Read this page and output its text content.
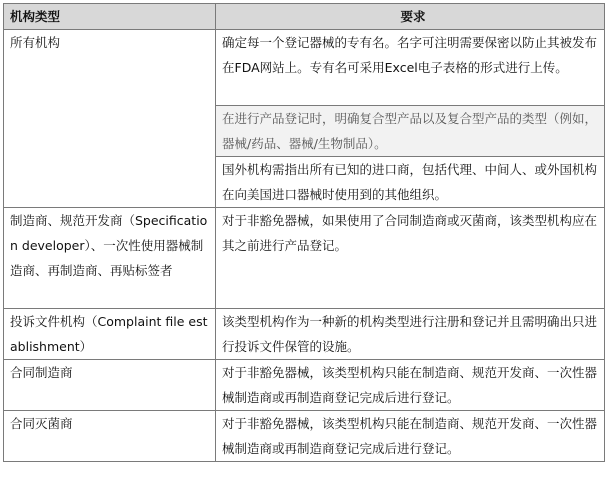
机构类型	要求
所有机构	确定每一个登记器械的专有名。名字可注明需要保密以防止其被发布在FDA网站上。专有名可采用Excel电子表格的形式进行上传。
	在进行产品登记时，明确复合型产品以及复合型产品的类型（例如，器械/药品、器械/生物制品）。
	国外机构需指出所有已知的进口商，包括代理、中间人、或外国机构在向美国进口器械时使用到的其他组织。
制造商、规范开发商（Specification developer）、一次性使用器械制造商、再制造商、再贴标签者	对于非豁免器械，如果使用了合同制造商或灭菌商，该类型机构应在其之前进行产品登记。
投诉文件机构（Complaint file establishment）	该类型机构作为一种新的机构类型进行注册和登记并且需明确出只进行投诉文件保管的设施。
合同制造商	对于非豁免器械，该类型机构只能在制造商、规范开发商、一次性器械制造商或再制造商登记完成后进行登记。
合同灭菌商	对于非豁免器械，该类型机构只能在制造商、规范开发商、一次性器械制造商或再制造商登记完成后进行登记。
